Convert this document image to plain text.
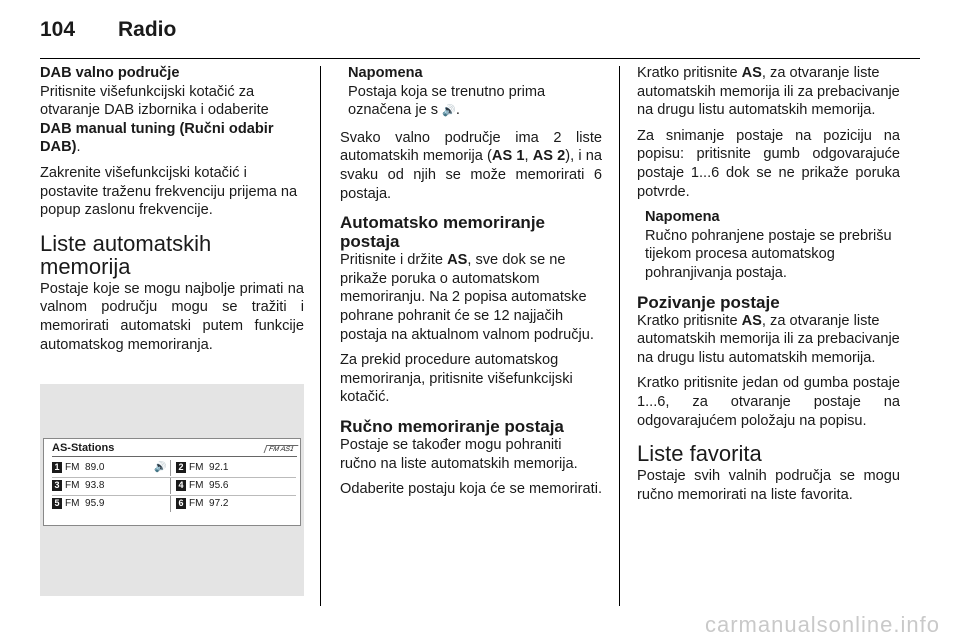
104 Radio
DAB valno područje

Pritisnite višefunkcijski kotačić za otvaranje DAB izbornika i odaberite DAB manual tuning (Ručni odabir DAB).

Zakrenite višefunkcijski kotačić i postavite traženu frekvenciju prijema na popup zaslonu frekvencije.

Liste automatskih memorija

Postaje koje se mogu najbolje primati na valnom području mogu se tražiti i memorirati automatski putem funkcije automatskog memoriranja.

AS-Stations	FM AS1
1 FM 89.0	🔊 2 FM 92.1
3 FM 93.8	4 FM 95.6
5 FM 95.9	6 FM 97.2
Napomena
Postaja koja se trenutno prima označena je s 🔊.

Svako valno područje ima 2 liste automatskih memorija (AS 1, AS 2), i na svaku od njih se može memorirati 6 postaja.

Automatsko memoriranje postaja

Pritisnite i držite AS, sve dok se ne prikaže poruka o automatskom memoriranju. Na 2 popisa automatske pohrane pohranit će se 12 najjačih postaja na aktualnom valnom području.

Za prekid procedure automatskog memoriranja, pritisnite višefunkcijski kotačić.

Ručno memoriranje postaja

Postaje se također mogu pohraniti ručno na liste automatskih memorija.

Odaberite postaju koja će se memorirati.

Kratko pritisnite AS, za otvaranje liste automatskih memorija ili za prebacivanje na drugu listu automatskih memorija.

Za snimanje postaje na poziciju na popisu: pritisnite gumb odgovarajuće postaje 1...6 dok se ne prikaže poruka potvrde.

Napomena
Ručno pohranjene postaje se prebrišu tijekom procesa automatskog pohranjivanja postaja.
Pozivanje postaje

Kratko pritisnite AS, za otvaranje liste automatskih memorija ili za prebacivanje na drugu listu automatskih memorija.

Kratko pritisnite jedan od gumba postaje 1...6, za otvaranje postaje na odgovarajućem položaju na popisu.

Liste favorita

Postaje svih valnih područja se mogu ručno memorirati na liste favorita.

carmanualsonline.info
